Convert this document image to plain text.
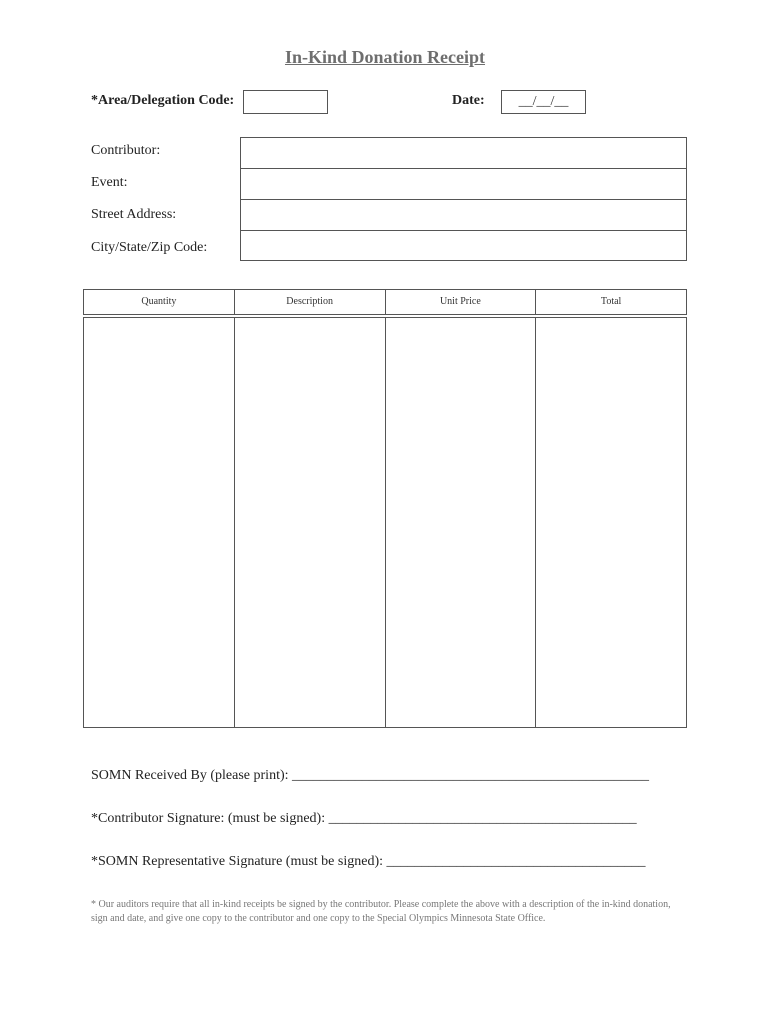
In-Kind Donation Receipt
*Area/Delegation Code:	Date:	__/__/__
Contributor:
Event:
Street Address:
City/State/Zip Code:
Quantity	Description	Unit Price	Total
SOMN Received By (please print): ___________________________________________________
*Contributor Signature: (must be signed): ____________________________________________
*SOMN Representative Signature (must be signed): _____________________________________
* Our auditors require that all in-kind receipts be signed by the contributor. Please complete the above with a description of the in-kind donation, sign and date, and give one copy to the contributor and one copy to the Special Olympics Minnesota State Office.
